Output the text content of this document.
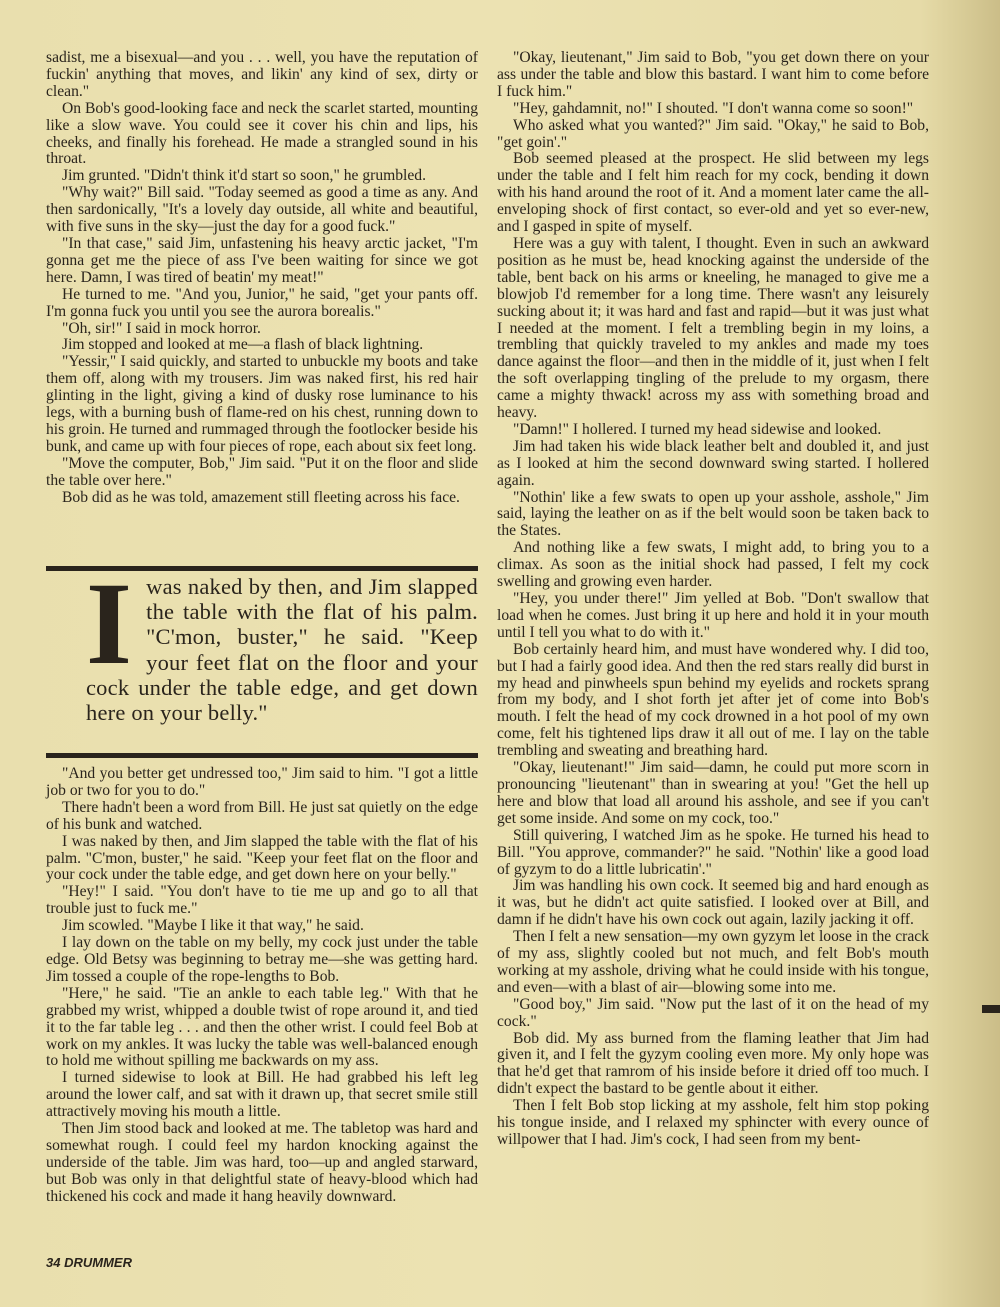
sadist, me a bisexual—and you . . . well, you have the reputation of fuckin' anything that moves, and likin' any kind of sex, dirty or clean."

On Bob's good-looking face and neck the scarlet started, mounting like a slow wave. You could see it cover his chin and lips, his cheeks, and finally his forehead. He made a strangled sound in his throat.

Jim grunted. "Didn't think it'd start so soon," he grumbled.

"Why wait?" Bill said. "Today seemed as good a time as any. And then sardonically, "It's a lovely day outside, all white and beautiful, with five suns in the sky—just the day for a good fuck."

"In that case," said Jim, unfastening his heavy arctic jacket, "I'm gonna get me the piece of ass I've been waiting for since we got here. Damn, I was tired of beatin' my meat!"

He turned to me. "And you, Junior," he said, "get your pants off. I'm gonna fuck you until you see the aurora borealis."

"Oh, sir!" I said in mock horror.

Jim stopped and looked at me—a flash of black lightning.

"Yessir," I said quickly, and started to unbuckle my boots and take them off, along with my trousers. Jim was naked first, his red hair glinting in the light, giving a kind of dusky rose luminance to his legs, with a burning bush of flame-red on his chest, running down to his groin. He turned and rummaged through the footlocker beside his bunk, and came up with four pieces of rope, each about six feet long.

"Move the computer, Bob," Jim said. "Put it on the floor and slide the table over here."

Bob did as he was told, amazement still fleeting across his face.

I was naked by then, and Jim slapped the table with the flat of his palm. "C'mon, buster," he said. "Keep your feet flat on the floor and your cock under the table edge, and get down here on your belly."

"And you better get undressed too," Jim said to him. "I got a little job or two for you to do."

There hadn't been a word from Bill. He just sat quietly on the edge of his bunk and watched.

I was naked by then, and Jim slapped the table with the flat of his palm. "C'mon, buster," he said. "Keep your feet flat on the floor and your cock under the table edge, and get down here on your belly."

"Hey!" I said. "You don't have to tie me up and go to all that trouble just to fuck me."

Jim scowled. "Maybe I like it that way," he said.

I lay down on the table on my belly, my cock just under the table edge. Old Betsy was beginning to betray me—she was getting hard. Jim tossed a couple of the rope-lengths to Bob.

"Here," he said. "Tie an ankle to each table leg." With that he grabbed my wrist, whipped a double twist of rope around it, and tied it to the far table leg . . . and then the other wrist. I could feel Bob at work on my ankles. It was lucky the table was well-balanced enough to hold me without spilling me backwards on my ass.

I turned sidewise to look at Bill. He had grabbed his left leg around the lower calf, and sat with it drawn up, that secret smile still attractively moving his mouth a little.

Then Jim stood back and looked at me. The tabletop was hard and somewhat rough. I could feel my hardon knocking against the underside of the table. Jim was hard, too—up and angled starward, but Bob was only in that delightful state of heavy-blood which had thickened his cock and made it hang heavily downward.

"Okay, lieutenant," Jim said to Bob, "you get down there on your ass under the table and blow this bastard. I want him to come before I fuck him."

"Hey, gahdamnit, no!" I shouted. "I don't wanna come so soon!"

Who asked what you wanted?" Jim said. "Okay," he said to Bob, "get goin'."

Bob seemed pleased at the prospect. He slid between my legs under the table and I felt him reach for my cock, bending it down with his hand around the root of it. And a moment later came the all-enveloping shock of first contact, so ever-old and yet so ever-new, and I gasped in spite of myself.

Here was a guy with talent, I thought. Even in such an awkward position as he must be, head knocking against the underside of the table, bent back on his arms or kneeling, he managed to give me a blowjob I'd remember for a long time. There wasn't any leisurely sucking about it; it was hard and fast and rapid—but it was just what I needed at the moment. I felt a trembling begin in my loins, a trembling that quickly traveled to my ankles and made my toes dance against the floor—and then in the middle of it, just when I felt the soft overlapping tingling of the prelude to my orgasm, there came a mighty thwack! across my ass with something broad and heavy.

"Damn!" I hollered. I turned my head sidewise and looked.

Jim had taken his wide black leather belt and doubled it, and just as I looked at him the second downward swing started. I hollered again.

"Nothin' like a few swats to open up your asshole, asshole," Jim said, laying the leather on as if the belt would soon be taken back to the States.

And nothing like a few swats, I might add, to bring you to a climax. As soon as the initial shock had passed, I felt my cock swelling and growing even harder.

"Hey, you under there!" Jim yelled at Bob. "Don't swallow that load when he comes. Just bring it up here and hold it in your mouth until I tell you what to do with it."

Bob certainly heard him, and must have wondered why. I did too, but I had a fairly good idea. And then the red stars really did burst in my head and pinwheels spun behind my eyelids and rockets sprang from my body, and I shot forth jet after jet of come into Bob's mouth. I felt the head of my cock drowned in a hot pool of my own come, felt his tightened lips draw it all out of me. I lay on the table trembling and sweating and breathing hard.

"Okay, lieutenant!" Jim said—damn, he could put more scorn in pronouncing "lieutenant" than in swearing at you! "Get the hell up here and blow that load all around his asshole, and see if you can't get some inside. And some on my cock, too."

Still quivering, I watched Jim as he spoke. He turned his head to Bill. "You approve, commander?" he said. "Nothin' like a good load of gyzym to do a little lubricatin'."

Jim was handling his own cock. It seemed big and hard enough as it was, but he didn't act quite satisfied. I looked over at Bill, and damn if he didn't have his own cock out again, lazily jacking it off.

Then I felt a new sensation—my own gyzym let loose in the crack of my ass, slightly cooled but not much, and felt Bob's mouth working at my asshole, driving what he could inside with his tongue, and even—with a blast of air—blowing some into me.

"Good boy," Jim said. "Now put the last of it on the head of my cock."

Bob did. My ass burned from the flaming leather that Jim had given it, and I felt the gyzym cooling even more. My only hope was that he'd get that ramrom of his inside before it dried off too much. I didn't expect the bastard to be gentle about it either.

Then I felt Bob stop licking at my asshole, felt him stop poking his tongue inside, and I relaxed my sphincter with every ounce of willpower that I had. Jim's cock, I had seen from my bent-

34 DRUMMER
